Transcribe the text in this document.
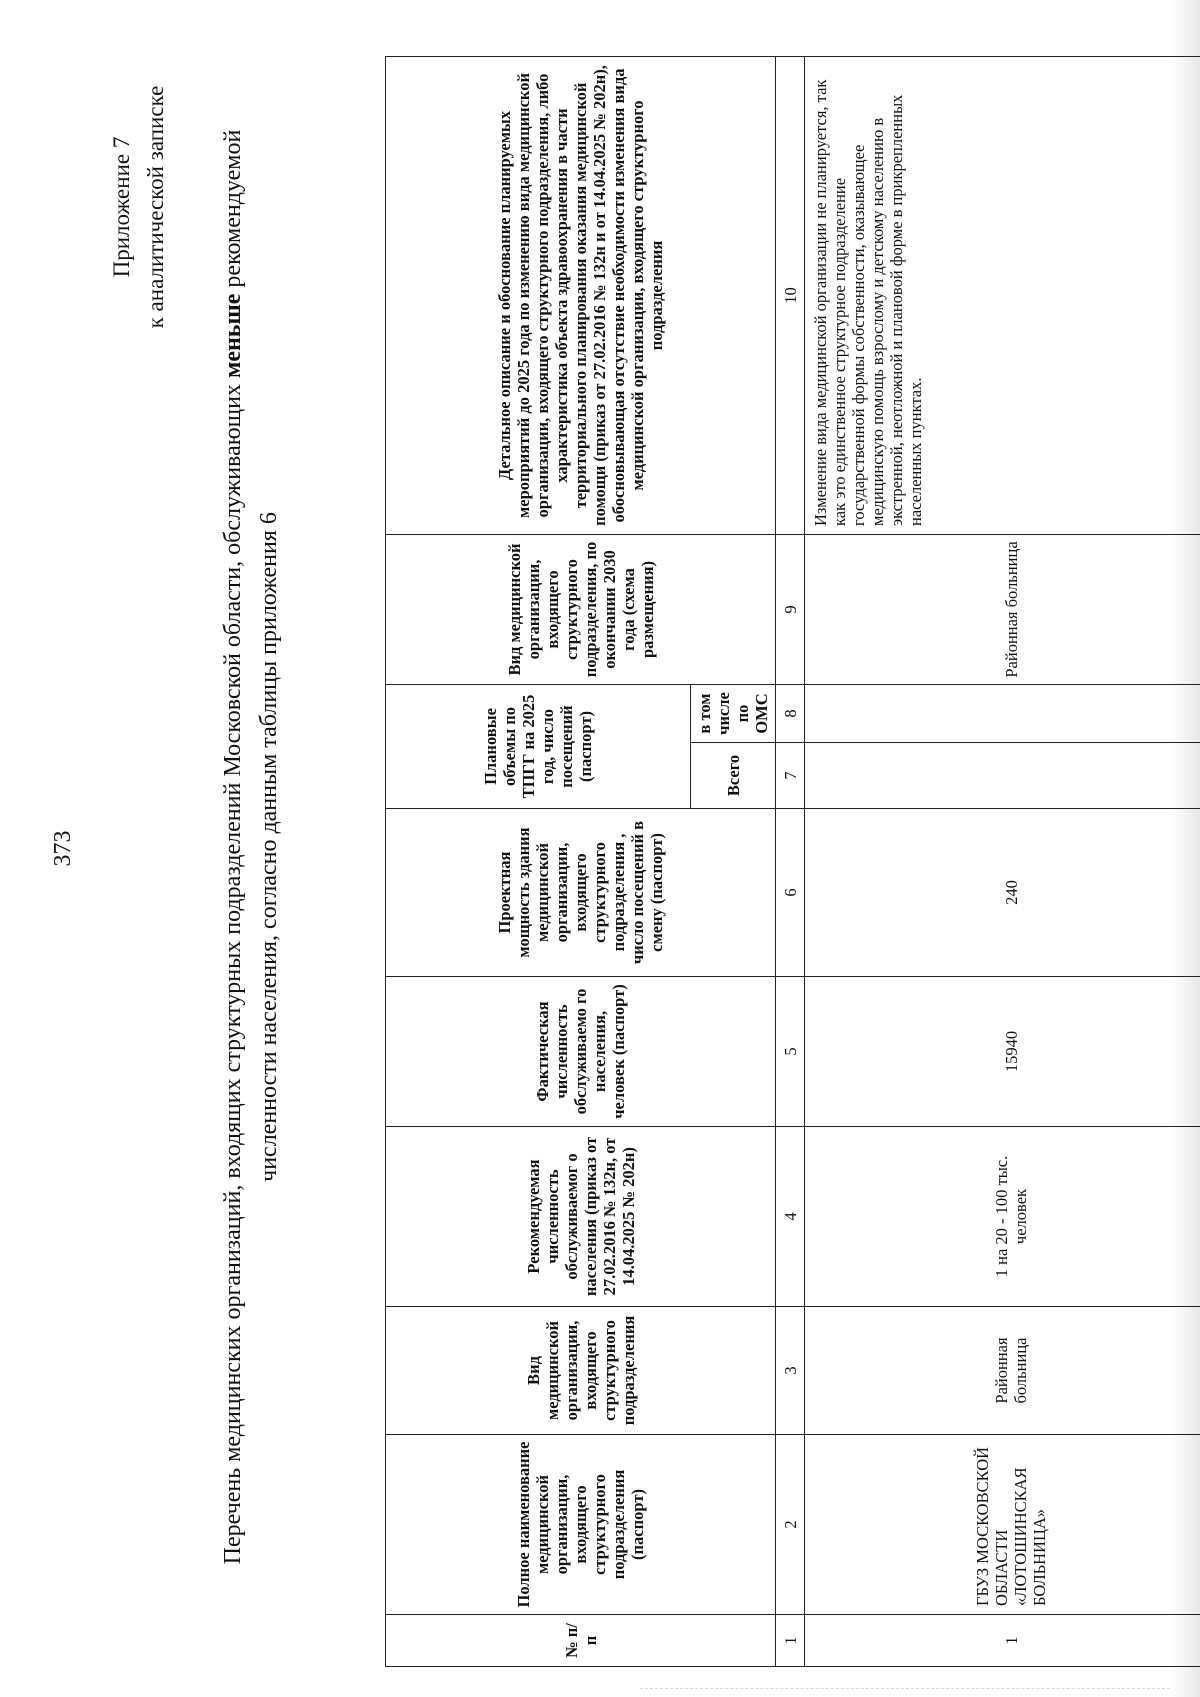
373
Приложение 7 к аналитической записке
Перечень медицинских организаций, входящих структурных подразделений Московской области, обслуживающих меньше рекомендуемой численности населения, согласно данным таблицы приложения 6
№ п/п	Полное наименование медицинской организации, входящего структурного подразделения (паспорт)	Вид медицинской организации, входящего структурного подразделения	Рекомендуемая численность обслуживаемог о населения (приказ от 27.02.2016 № 132н, от 14.04.2025 № 202н)	Фактическая численность обслуживаемо го населения, человек (паспорт)	Проектная мощность здания медицинской организации, входящего структурного подразделения , число посещений в смену (паспорт)	Плановые объемы по ТПГГ на 2025 год, число посещений (паспорт)		Вид медицинской организации, входящего структурного подразделения, по окончании 2030 года (схема размещения)	Детальное описание и обоснование планируемых мероприятий до 2025 года по изменению вида медицинской организации, входящего структурного подразделения, либо характеристика объекта здравоохранения в части территориального планирования оказания медицинской помощи (приказ от 27.02.2016 № 132н и от 14.04.2025 № 202н), обосновывающая отсутствие необходимости изменения вида медицинской организации, входящего структурного подразделения
						Всего	в том числе по ОМС		
1	2	3	4	5	6	7	8	9	10
1	ГБУЗ МОСКОВСКОЙ ОБЛАСТИ «ЛОТОШИНСКАЯ БОЛЬНИЦА»	Районная больница	1 на 20 - 100 тыс. человек	15940	240			Районная больница	Изменение вида медицинской организации не планируется, так как это единственное структурное подразделение государственной формы собственности, оказывающее медицинскую помощь взрослому и детскому населению в экстренной, неотложной и плановой форме в прикрепленных населенных пунктах.
